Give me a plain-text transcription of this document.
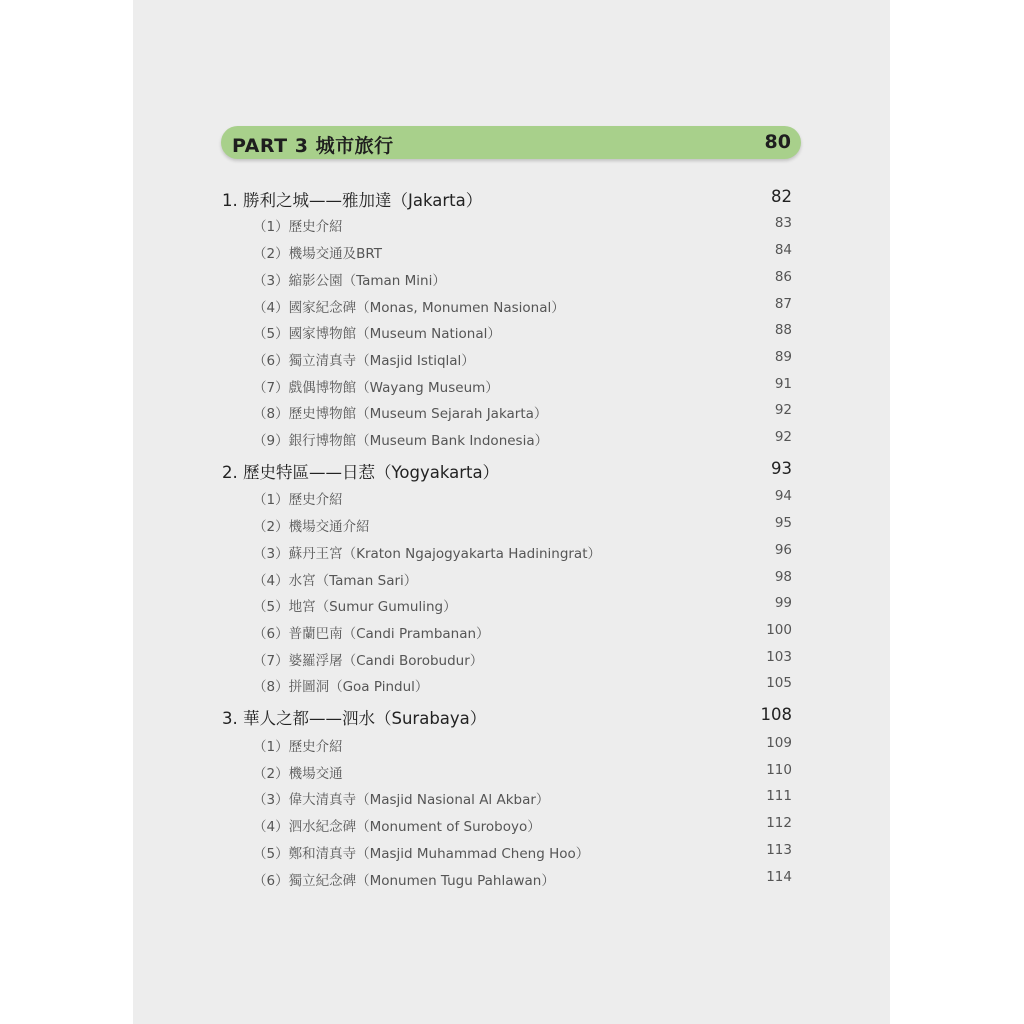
PART 3 城市旅行	80
1. 勝利之城——雅加達（Jakarta）	82
（1）歷史介紹	83
（2）機場交通及BRT	84
（3）縮影公園（Taman Mini）	86
（4）國家紀念碑（Monas, Monumen Nasional）	87
（5）國家博物館（Museum National）	88
（6）獨立清真寺（Masjid Istiqlal）	89
（7）戲偶博物館（Wayang Museum）	91
（8）歷史博物館（Museum Sejarah Jakarta）	92
（9）銀行博物館（Museum Bank Indonesia）	92
2. 歷史特區——日惹（Yogyakarta）	93
（1）歷史介紹	94
（2）機場交通介紹	95
（3）蘇丹王宮（Kraton Ngajogyakarta Hadiningrat）	96
（4）水宮（Taman Sari）	98
（5）地宮（Sumur Gumuling）	99
（6）普蘭巴南（Candi Prambanan）	100
（7）婆羅浮屠（Candi Borobudur）	103
（8）拼圖洞（Goa Pindul）	105
3. 華人之都——泗水（Surabaya）	108
（1）歷史介紹	109
（2）機場交通	110
（3）偉大清真寺（Masjid Nasional Al Akbar）	111
（4）泗水紀念碑（Monument of Suroboyo）	112
（5）鄭和清真寺（Masjid Muhammad Cheng Hoo）	113
（6）獨立紀念碑（Monumen Tugu Pahlawan）	114
